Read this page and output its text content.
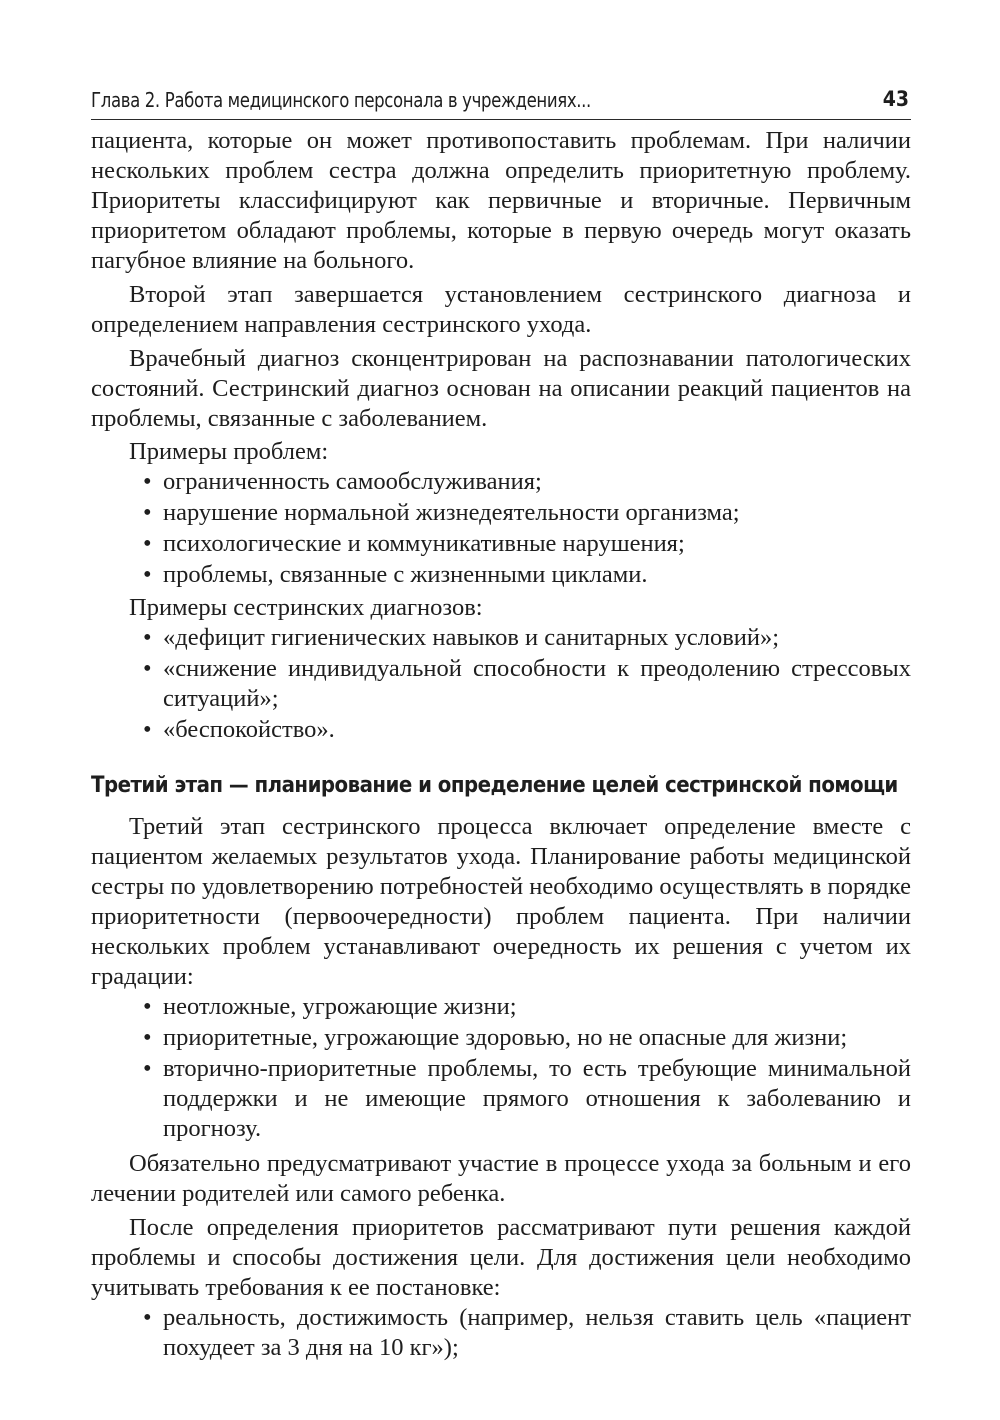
Глава 2. Работа медицинского персонала в учреждениях...	43

пациента, которые он может противопоставить проблемам. При наличии нескольких проблем сестра должна определить приоритетную проблему. Приоритеты классифицируют как первичные и вторичные. Первичным приоритетом обладают проблемы, которые в первую очередь могут оказать пагубное влияние на больного.

Второй этап завершается установлением сестринского диагноза и определением направления сестринского ухода.

Врачебный диагноз сконцентрирован на распознавании патологических состояний. Сестринский диагноз основан на описании реакций пациентов на проблемы, связанные с заболеванием.

Примеры проблем:
• ограниченность самообслуживания;
• нарушение нормальной жизнедеятельности организма;
• психологические и коммуникативные нарушения;
• проблемы, связанные с жизненными циклами.
Примеры сестринских диагнозов:
• «дефицит гигиенических навыков и санитарных условий»;
• «снижение индивидуальной способности к преодолению стрессовых ситуаций»;
• «беспокойство».
Третий этап — планирование и определение целей сестринской помощи

Третий этап сестринского процесса включает определение вместе с пациентом желаемых результатов ухода. Планирование работы медицинской сестры по удовлетворению потребностей необходимо осуществлять в порядке приоритетности (первоочередности) проблем пациента. При наличии нескольких проблем устанавливают очередность их решения с учетом их градации:

• неотложные, угрожающие жизни;
• приоритетные, угрожающие здоровью, но не опасные для жизни;
• вторично-приоритетные проблемы, то есть требующие минимальной поддержки и не имеющие прямого отношения к заболеванию и прогнозу.

Обязательно предусматривают участие в процессе ухода за больным и его лечении родителей или самого ребенка.

После определения приоритетов рассматривают пути решения каждой проблемы и способы достижения цели. Для достижения цели необходимо учитывать требования к ее постановке:

• реальность, достижимость (например, нельзя ставить цель «пациент похудеет за 3 дня на 10 кг»);
